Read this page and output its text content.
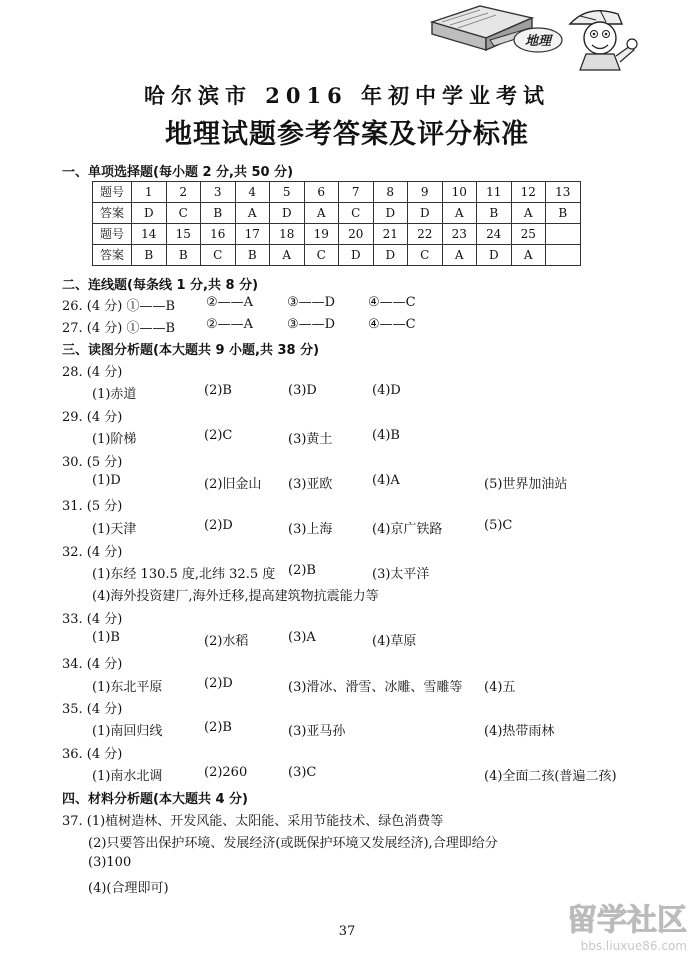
地理
哈尔滨市 2016 年初中学业考试
地理试题参考答案及评分标准
一、单项选择题(每小题 2 分,共 50 分)
题号	1	2	3	4	5	6	7	8	9	10	11	12	13
答案	D	C	B	A	D	A	C	D	D	A	B	A	B
题号	14	15	16	17	18	19	20	21	22	23	24	25	
答案	B	B	C	B	A	C	D	D	C	A	D	A	
二、连线题(每条线 1 分,共 8 分)
26. (4 分) ①——B ②——A	③——D	④——C
27. (4 分) ①——B ②——A	③——D	④——C
三、读图分析题(本大题共 9 小题,共 38 分)
28. (4 分)
(1)赤道	(2)B	(3)D	(4)D
29. (4 分)
(1)阶梯	(2)C	(3)黄土	(4)B
30. (5 分)
(1)D	(2)旧金山 (3)亚欧	(4)A	(5)世界加油站
31. (5 分)
(1)天津	(2)D	(3)上海	(4)京广铁路	(5)C
32. (4 分)
(1)东经 130.5 度,北纬 32.5 度 (2)B	(3)太平洋
(4)海外投资建厂,海外迁移,提高建筑物抗震能力等
33. (4 分)
(1)B	(2)水稻	(3)A	(4)草原
34. (4 分)
(1)东北平原	(2)D	(3)滑冰、滑雪、冰雕、雪雕等 (4)五
35. (4 分)
(1)南回归线	(2)B	(3)亚马孙	(4)热带雨林
36. (4 分)
(1)南水北调	(2)260	(3)C	(4)全面二孩(普遍二孩)
四、材料分析题(本大题共 4 分)
37. (1)植树造林、开发风能、太阳能、采用节能技术、绿色消费等
(2)只要答出保护环境、发展经济(或既保护环境又发展经济),合理即给分
(3)100
(4)(合理即可)
37	留学社区
bbs.liuxue86.com
